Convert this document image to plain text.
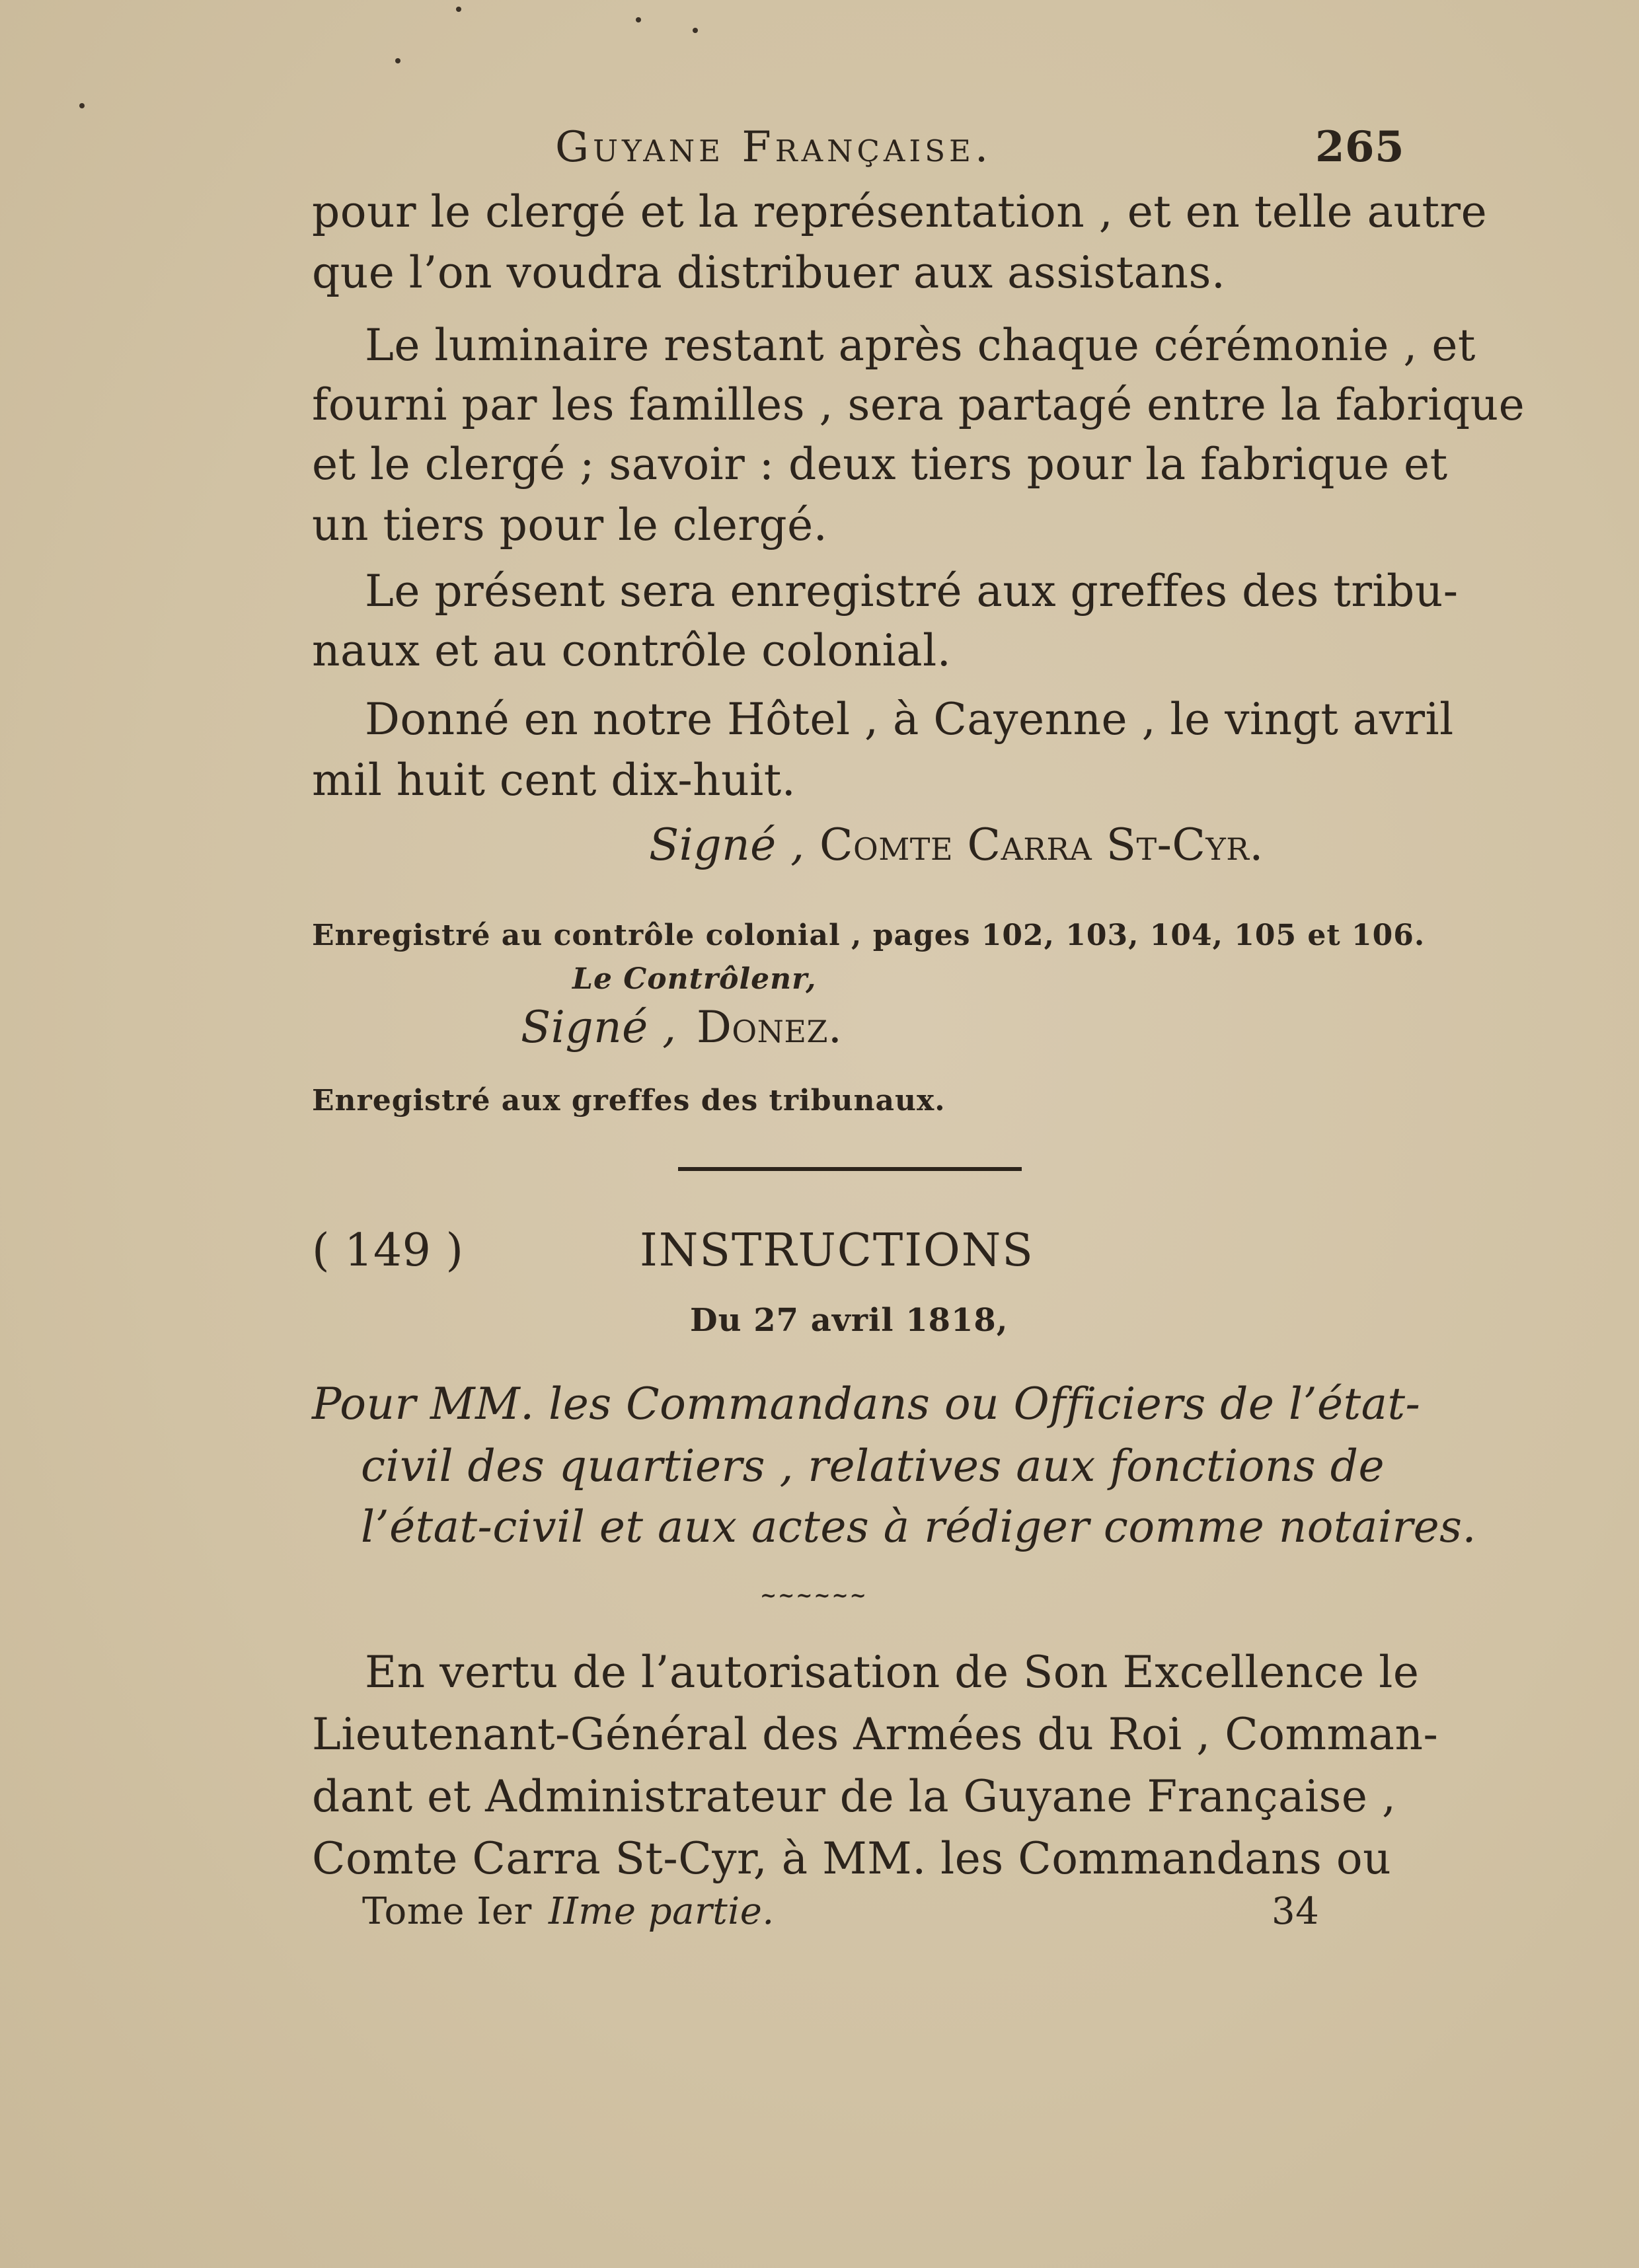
Guyane Française.	265
pour le clergé et la représentation , et en telle autre
que l’on voudra distribuer aux assistans.
Le luminaire restant après chaque cérémonie , et
fourni par les familles , sera partagé entre la fabrique
et le clergé ; savoir : deux tiers pour la fabrique et
un tiers pour le clergé.
Le présent sera enregistré aux greffes des tribu-
naux et au contrôle colonial.
Donné en notre Hôtel , à Cayenne , le vingt avril
mil huit cent dix-huit.
Signé , Comte Carra St-Cyr.
Enregistré au contrôle colonial , pages 102, 103, 104, 105 et 106.
Le Contrôlenr,
Signé , Donez.
Enregistré aux greffes des tribunaux.
( 149 )	INSTRUCTIONS
Du 27 avril 1818,
Pour MM. les Commandans ou Officiers de l’état-
civil des quartiers , relatives aux fonctions de
l’état-civil et aux actes à rédiger comme notaires.
~~~~~~
En vertu de l’autorisation de Son Excellence le
Lieutenant-Général des Armées du Roi , Comman-
dant et Administrateur de la Guyane Française ,
Comte Carra St-Cyr, à MM. les Commandans ou
Tome Ier IIme partie.	34
